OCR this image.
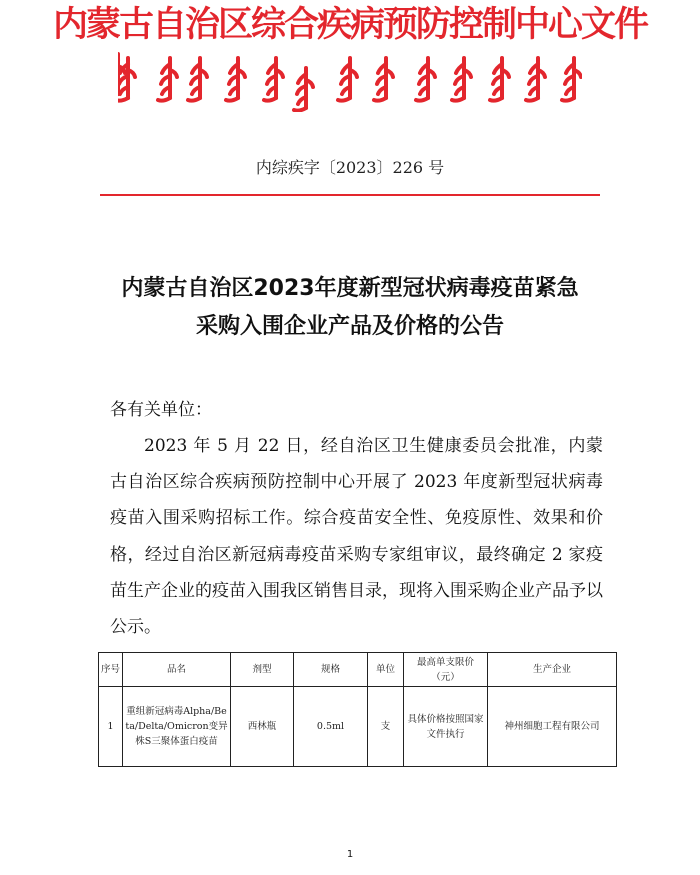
内蒙古自治区综合疾病预防控制中心文件
内综疾字〔2023〕226 号
内蒙古自治区2023年度新型冠状病毒疫苗紧急
采购入围企业产品及价格的公告
各有关单位：
2023 年 5 月 22 日，经自治区卫生健康委员会批准，内蒙古自治区综合疾病预防控制中心开展了 2023 年度新型冠状病毒疫苗入围采购招标工作。综合疫苗安全性、免疫原性、效果和价格，经过自治区新冠病毒疫苗采购专家组审议，最终确定 2 家疫苗生产企业的疫苗入围我区销售目录，现将入围采购企业产品予以公示。
序号	品名	剂型	规格	单位	最高单支限价（元）	生产企业
1	重组新冠病毒Alpha/Beta/Delta/Omicron变异株S三聚体蛋白疫苗	西林瓶	0.5ml	支	具体价格按照国家文件执行	神州细胞工程有限公司
1
